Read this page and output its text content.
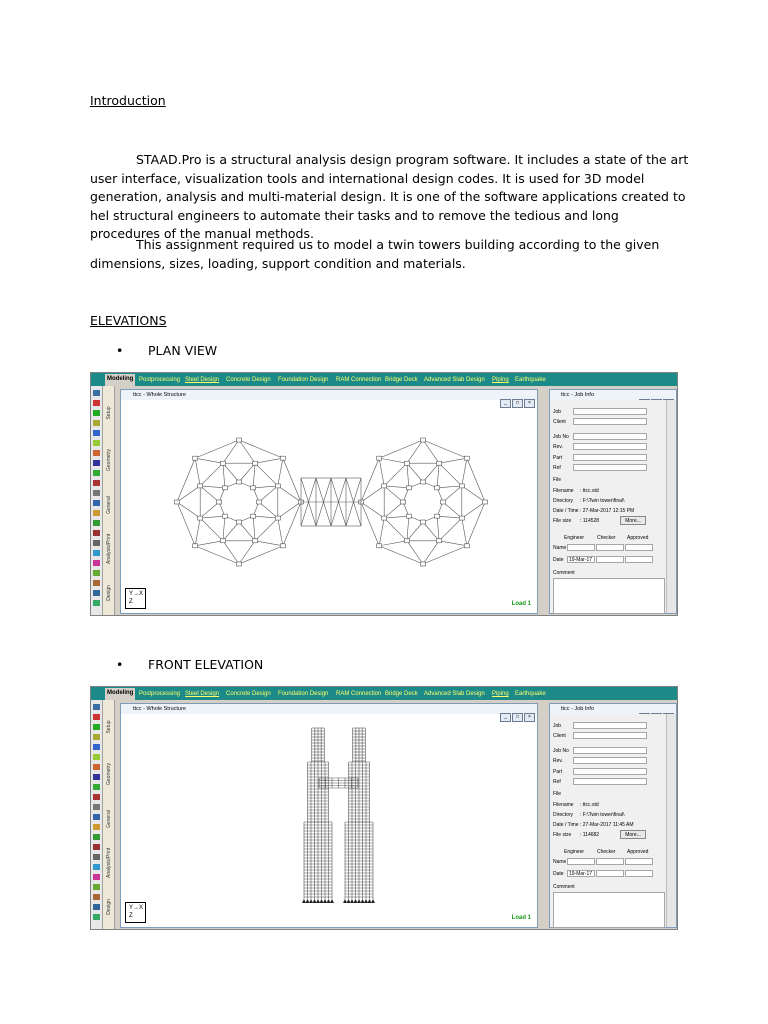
Introduction
STAAD.Pro is a structural analysis design program software. It includes a state of the art user interface, visualization tools and international design codes. It is used for 3D model generation, analysis and multi-material design. It is one of the software applications created to hel structural engineers to automate their tasks and to remove the tedious and long procedures of the manual methods.
This assignment required us to model a twin towers building according to the given dimensions, sizes, loading, support condition and materials.
ELEVATIONS
• PLAN VIEW
Modeling Postprocessing Steel Design	Concrete Design	Foundation Design	RAM Connection Bridge Deck	Advanced Slab Design	Piping	Earthquake
Setup
Geometry
General
Analysis/Print
Design
ttcc - Whole Structure
_ □ ×
Y→X
Z	Load 1
ttcc - Job Info
Job
Client
Job No
Rev.
Part
Ref
File
Filename : ttcc.std
Directory : F:\Twin tower\final\
Date / Time : 27-Mar-2017 12:15 PM
File size : 114528	More...
Engineer	Checker Approved
Name
Date 19-Mar-17
Comment
• FRONT ELEVATION
Modeling Postprocessing Steel Design	Concrete Design	Foundation Design	RAM Connection Bridge Deck	Advanced Slab Design	Piping	Earthquake
Setup
Geometry
General
Analysis/Print
Design
ttcc - Whole Structure
_ □ ×
Y→X
Z	Load 1
ttcc - Job Info
Job
Client
Job No
Rev.
Part
Ref
File
Filename : ttcc.std
Directory : F:\Twin tower\final\
Date / Time : 27-Mar-2017 11:45 AM
File size : 114682	More...
Engineer	Checker Approved
Name
Date 19-Mar-17
Comment
